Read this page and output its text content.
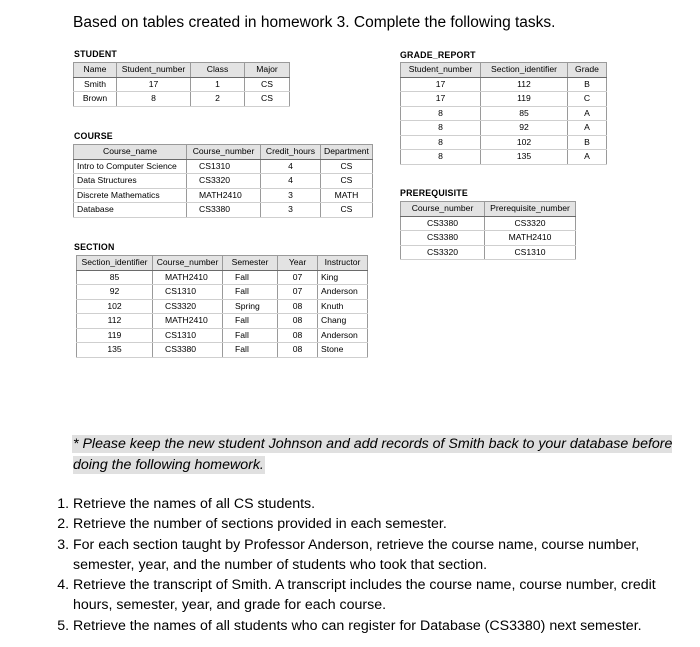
Based on tables created in homework 3. Complete the following tasks.
STUDENT
Name	Student_number	Class	Major
Smith	17	1	CS
Brown	8	2	CS
COURSE
Course_name	Course_number	Credit_hours	Department
Intro to Computer Science	CS1310	4	CS
Data Structures	CS3320	4	CS
Discrete Mathematics	MATH2410	3	MATH
Database	CS3380	3	CS
SECTION
Section_identifier	Course_number	Semester	Year	Instructor
85	MATH2410	Fall	07	King
92	CS1310	Fall	07	Anderson
102	CS3320	Spring	08	Knuth
112	MATH2410	Fall	08	Chang
119	CS1310	Fall	08	Anderson
135	CS3380	Fall	08	Stone
GRADE_REPORT
Student_number	Section_identifier	Grade
17	112	B
17	119	C
8	85	A
8	92	A
8	102	B
8	135	A
PREREQUISITE
Course_number	Prerequisite_number
CS3380	CS3320
CS3380	MATH2410
CS3320	CS1310
* Please keep the new student Johnson and add records of Smith back to your database before doing the following homework.
1. Retrieve the names of all CS students.
2. Retrieve the number of sections provided in each semester.
3. For each section taught by Professor Anderson, retrieve the course name, course number, semester, year, and the number of students who took that section.
4. Retrieve the transcript of Smith. A transcript includes the course name, course number, credit hours, semester, year, and grade for each course.
5. Retrieve the names of all students who can register for Database (CS3380) next semester.
